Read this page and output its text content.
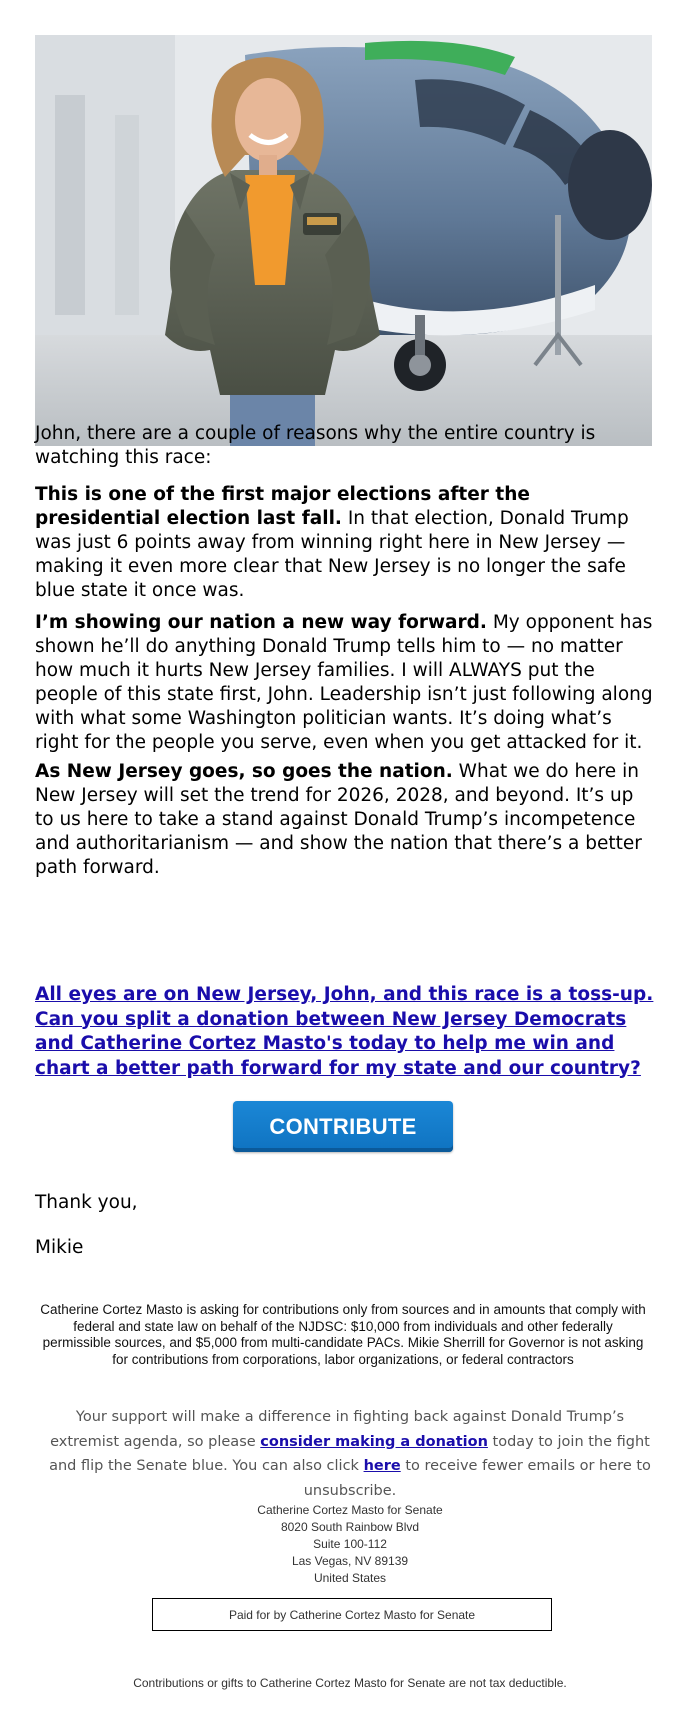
John, there are a couple of reasons why the entire country is watching this race:

This is one of the first major elections after the presidential election last fall. In that election, Donald Trump was just 6 points away from winning right here in New Jersey — making it even more clear that New Jersey is no longer the safe blue state it once was.

I’m showing our nation a new way forward. My opponent has shown he’ll do anything Donald Trump tells him to — no matter how much it hurts New Jersey families. I will ALWAYS put the people of this state first, John. Leadership isn’t just following along with what some Washington politician wants. It’s doing what’s right for the people you serve, even when you get attacked for it.

As New Jersey goes, so goes the nation. What we do here in New Jersey will set the trend for 2026, 2028, and beyond. It’s up to us here to take a stand against Donald Trump’s incompetence and authoritarianism — and show the nation that there’s a better path forward.

All eyes are on New Jersey, John, and this race is a toss-up. Can you split a donation between New Jersey Democrats and Catherine Cortez Masto's today to help me win and chart a better path forward for my state and our country?
CONTRIBUTE
Thank you,
Mikie
Catherine Cortez Masto is asking for contributions only from sources and in amounts that comply with federal and state law on behalf of the NJDSC: $10,000 from individuals and other federally permissible sources, and $5,000 from multi-candidate PACs. Mikie Sherrill for Governor is not asking for contributions from corporations, labor organizations, or federal contractors
Your support will make a difference in fighting back against Donald Trump’s extremist agenda, so please consider making a donation today to join the fight and flip the Senate blue. You can also click here to receive fewer emails or here to unsubscribe.
Catherine Cortez Masto for Senate
8020 South Rainbow Blvd
Suite 100-112
Las Vegas, NV 89139
United States
Paid for by Catherine Cortez Masto for Senate
Contributions or gifts to Catherine Cortez Masto for Senate are not tax deductible.
